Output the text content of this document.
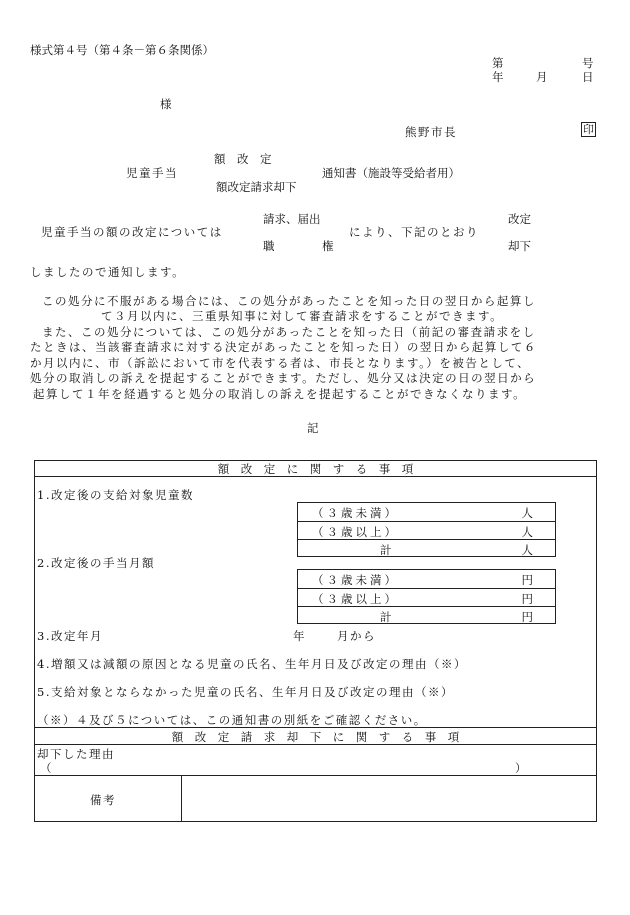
様式第４号（第４条－第６条関係）
第	号
年	月	日
様
熊野市長	印
額　改　定
児童手当	通知書（施設等受給者用）
額改定請求却下
請求、届出	改定
児童手当の額の改定については	により、下記のとおり
職	権	却下
しましたので通知します。
この処分に不服がある場合には、この処分があったことを知った日の翌日から起算し
て３月以内に、三重県知事に対して審査請求をすることができます。
また、この処分については、この処分があったことを知った日（前記の審査請求をし
たときは、当該審査請求に対する決定があったことを知った日）の翌日から起算して６
か月以内に、市（訴訟において市を代表する者は、市長となります。）を被告として、
処分の取消しの訴えを提起することができます。ただし、処分又は決定の日の翌日から
起算して１年を経過すると処分の取消しの訴えを提起することができなくなります。
記
額　改　定　に　関　す　る　事　項
1.改定後の支給対象児童数
（３歳未満）	人
（３歳以上）	人
計	人
2.改定後の手当月額
（３歳未満）	円
（３歳以上）	円
計	円
3.改定年月	年	月から
4.増額又は減額の原因となる児童の氏名、生年月日及び改定の理由（※）
5.支給対象とならなかった児童の氏名、生年月日及び改定の理由（※）
（※）４及び５については、この通知書の別紙をご確認ください。
額　改　定　請　求　却　下　に　関　す　る　事　項
却下した理由
（	）
備考
